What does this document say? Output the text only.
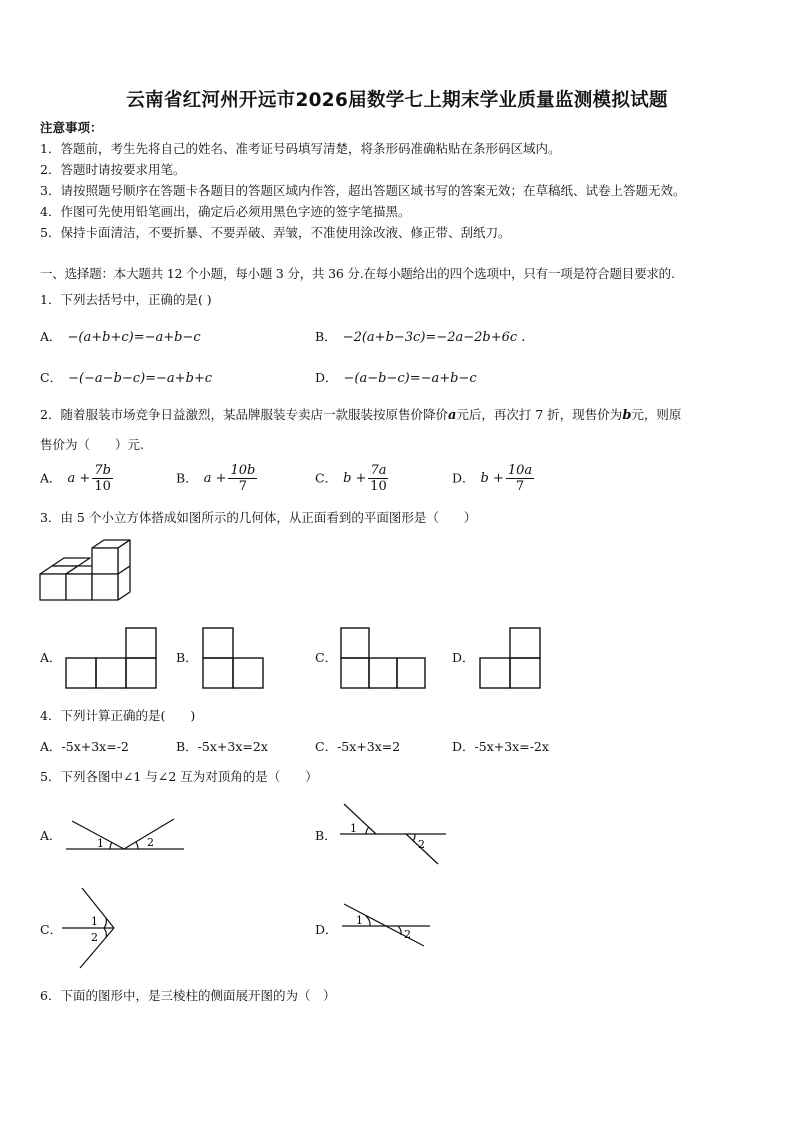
云南省红河州开远市2026届数学七上期末学业质量监测模拟试题
注意事项：
1．答题前，考生先将自己的姓名、准考证号码填写清楚，将条形码准确粘贴在条形码区域内。
2．答题时请按要求用笔。
3．请按照题号顺序在答题卡各题目的答题区域内作答，超出答题区域书写的答案无效；在草稿纸、试卷上答题无效。
4．作图可先使用铅笔画出，确定后必须用黑色字迹的签字笔描黑。
5．保持卡面清洁，不要折暴、不要弄破、弄皱，不准使用涂改液、修正带、刮纸刀。
一、选择题：本大题共 12 个小题，每小题 3 分，共 36 分.在每小题给出的四个选项中，只有一项是符合题目要求的.
1．下列去括号中，正确的是( )
A． −(a+b+c)=−a+b−c	B． −2(a+b−3c)=−2a−2b+6c .
C． −(−a−b−c)=−a+b+c	D． −(a−b−c)=−a+b−c
2．随着服装市场竞争日益激烈，某品牌服装专卖店一款服装按原售价降价a元后，再次打 7 折，现售价为b元，则原
售价为（　　）元.
A． $a + \frac{7b}{10}$	B． $a + \frac{10b}{7}$	C． $b + \frac{7a}{10}$	D． $b + \frac{10a}{7}$
3．由 5 个小立方体搭成如图所示的几何体，从正面看到的平面图形是（　　）
A．	B．	C．	D．
4．下列计算正确的是(　　)
A．-5x+3x=-2	B．-5x+3x=2x	C．-5x+3x=2	D．-5x+3x=-2x
5．下列各图中∠1 与∠2 互为对顶角的是（　　）
A．
1	2	B． 1
2
C．
1
2
D．
1
2
6．下面的图形中，是三棱柱的侧面展开图的为（　）
